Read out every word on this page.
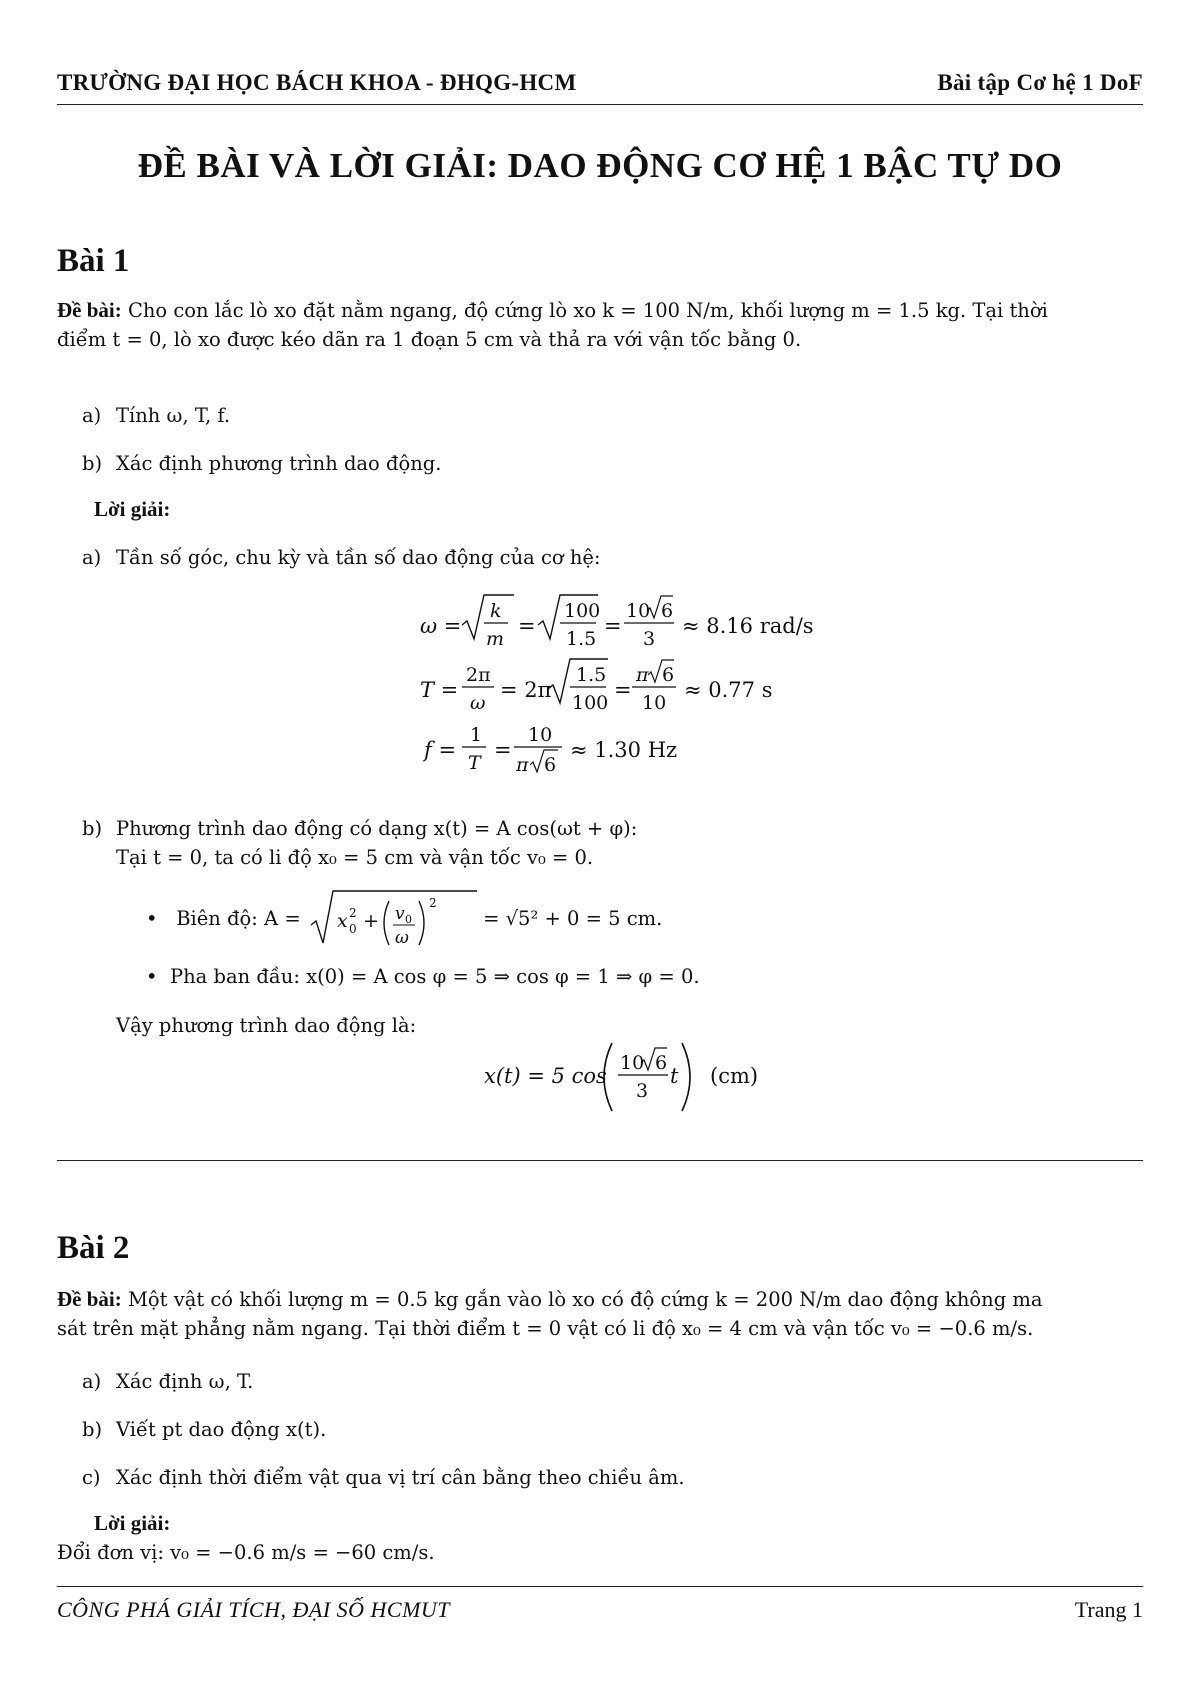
TRƯỜNG ĐẠI HỌC BÁCH KHOA - ĐHQG-HCM	Bài tập Cơ hệ 1 DoF
ĐỀ BÀI VÀ LỜI GIẢI: DAO ĐỘNG CƠ HỆ 1 BẬC TỰ DO
Bài 1
Đề bài: Cho con lắc lò xo đặt nằm ngang, độ cứng lò xo k = 100 N/m, khối lượng m = 1.5 kg. Tại thời
điểm t = 0, lò xo được kéo dãn ra 1 đoạn 5 cm và thả ra với vận tốc bằng 0.
a) Tính ω, T, f.
b) Xác định phương trình dao động.
Lời giải:
a) Tần số góc, chu kỳ và tần số dao động của cơ hệ:
ω =
k
m
=
100
1.5
=
10 6
3
≈ 8.16 rad/s
T =
2π
ω
= 2π
1.5
100
=
π 6
10
≈ 0.77 s
f =
1
T
=
10
π 6
≈ 1.30 Hz
b) Phương trình dao động có dạng x(t) = A cos(ωt + φ):
Tại t = 0, ta có li độ x₀ = 5 cm và vận tốc v₀ = 0.
• Biên độ: A = x 0
2 + v 0
ω
2
= √5² + 0 = 5 cm.
• Pha ban đầu: x(0) = A cos φ = 5 ⇒ cos φ = 1 ⇒ φ = 0.
Vậy phương trình dao động là:
x(t) = 5 cos
10 6
3
t (cm)
Bài 2
Đề bài: Một vật có khối lượng m = 0.5 kg gắn vào lò xo có độ cứng k = 200 N/m dao động không ma
sát trên mặt phẳng nằm ngang. Tại thời điểm t = 0 vật có li độ x₀ = 4 cm và vận tốc v₀ = −0.6 m/s.
a) Xác định ω, T.
b) Viết pt dao động x(t).
c) Xác định thời điểm vật qua vị trí cân bằng theo chiều âm.
Lời giải:
Đổi đơn vị: v₀ = −0.6 m/s = −60 cm/s.
CÔNG PHÁ GIẢI TÍCH, ĐẠI SỐ HCMUT	Trang 1
